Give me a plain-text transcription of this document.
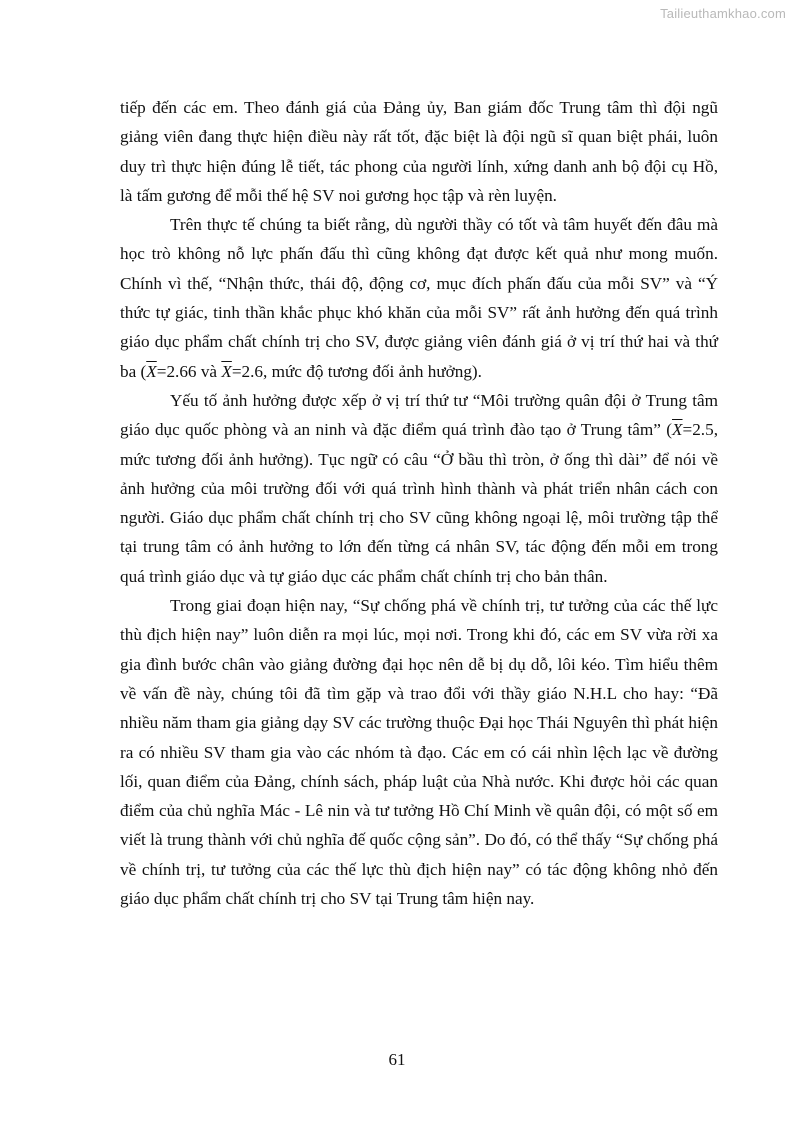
Tailieuthamkhao.com

tiếp đến các em. Theo đánh giá của Đảng ủy, Ban giám đốc Trung tâm thì đội ngũ giảng viên đang thực hiện điều này rất tốt, đặc biệt là đội ngũ sĩ quan biệt phái, luôn duy trì thực hiện đúng lễ tiết, tác phong của người lính, xứng danh anh bộ đội cụ Hồ, là tấm gương để mỗi thế hệ SV noi gương học tập và rèn luyện.

Trên thực tế chúng ta biết rằng, dù người thầy có tốt và tâm huyết đến đâu mà học trò không nỗ lực phấn đấu thì cũng không đạt được kết quả như mong muốn. Chính vì thế, “Nhận thức, thái độ, động cơ, mục đích phấn đấu của mỗi SV” và “Ý thức tự giác, tinh thần khắc phục khó khăn của mỗi SV” rất ảnh hưởng đến quá trình giáo dục phẩm chất chính trị cho SV, được giảng viên đánh giá ở vị trí thứ hai và thứ ba ($\overline{X}=2.66$ và $\overline{X}=2.6$, mức độ tương đối ảnh hưởng).

Yếu tố ảnh hưởng được xếp ở vị trí thứ tư “Môi trường quân đội ở Trung tâm giáo dục quốc phòng và an ninh và đặc điểm quá trình đào tạo ở Trung tâm” ($\overline{X}=2.5$, mức tương đối ảnh hưởng). Tục ngữ có câu “Ở bầu thì tròn, ở ống thì dài” để nói về ảnh hưởng của môi trường đối với quá trình hình thành và phát triển nhân cách con người. Giáo dục phẩm chất chính trị cho SV cũng không ngoại lệ, môi trường tập thể tại trung tâm có ảnh hưởng to lớn đến từng cá nhân SV, tác động đến mỗi em trong quá trình giáo dục và tự giáo dục các phẩm chất chính trị cho bản thân.

Trong giai đoạn hiện nay, “Sự chống phá về chính trị, tư tưởng của các thế lực thù địch hiện nay” luôn diễn ra mọi lúc, mọi nơi. Trong khi đó, các em SV vừa rời xa gia đình bước chân vào giảng đường đại học nên dễ bị dụ dỗ, lôi kéo. Tìm hiểu thêm về vấn đề này, chúng tôi đã tìm gặp và trao đổi với thầy giáo N.H.L cho hay: “Đã nhiều năm tham gia giảng dạy SV các trường thuộc Đại học Thái Nguyên thì phát hiện ra có nhiều SV tham gia vào các nhóm tà đạo. Các em có cái nhìn lệch lạc về đường lối, quan điểm của Đảng, chính sách, pháp luật của Nhà nước. Khi được hỏi các quan điểm của chủ nghĩa Mác - Lê nin và tư tưởng Hồ Chí Minh về quân đội, có một số em viết là trung thành với chủ nghĩa đế quốc cộng sản”. Do đó, có thể thấy “Sự chống phá về chính trị, tư tưởng của các thế lực thù địch hiện nay” có tác động không nhỏ đến giáo dục phẩm chất chính trị cho SV tại Trung tâm hiện nay.

61
